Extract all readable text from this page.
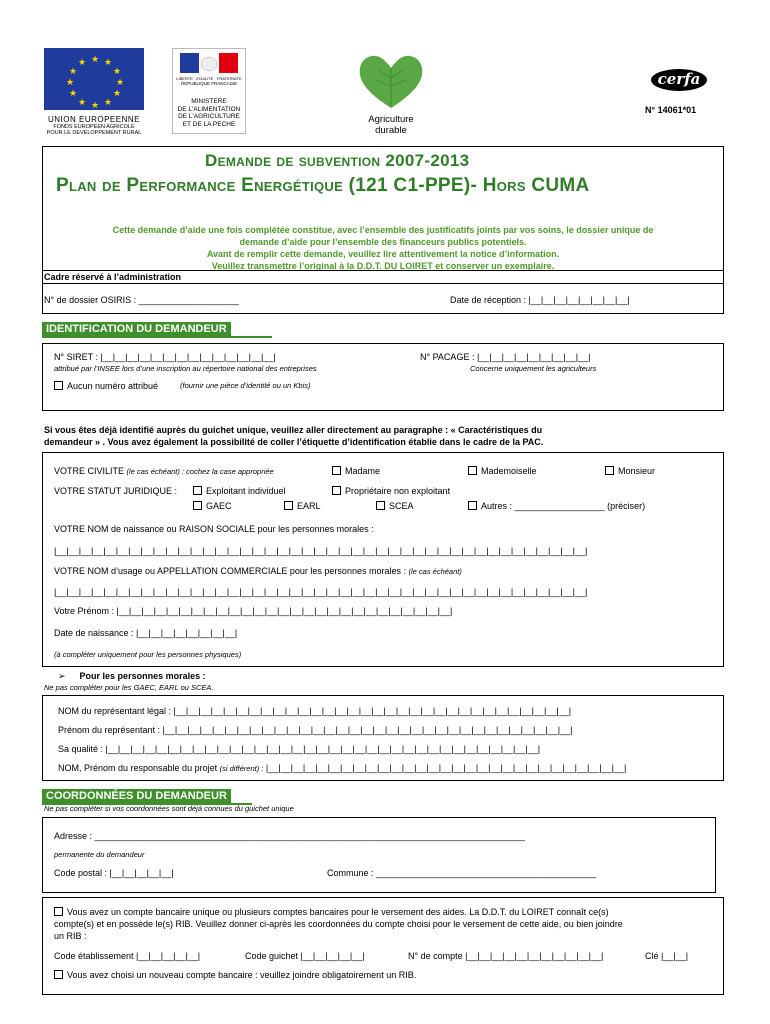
★ ★
★
★
★
★
★
★
★
★
★
★
UNION EUROPEENNE
FONDS EUROPEEN AGRICOLE
POUR LE DEVELOPPEMENT RURAL
LIBERTE · EGALITE · FRATERNITE
REPUBLIQUE FRANCAISE
MINISTERE
DE L'ALIMENTATION
DE L'AGRICULTURE
ET DE LA PECHE	Agriculture
durable
cerfa
N° 14061*01
Demande de subvention 2007-2013
Plan de Performance Energétique (121 C1-PPE)- Hors CUMA
Cette demande d’aide une fois complétée constitue, avec l’ensemble des justificatifs joints par vos soins, le dossier unique de
demande d’aide pour l’ensemble des financeurs publics potentiels.
Avant de remplir cette demande, veuillez lire attentivement la notice d’information.
Veuillez transmettre l’original à la D.D.T. DU LOIRET et conserver un exemplaire.
Cadre réservé à l’administration
N° de dossier OSIRIS : ____________________	Date de réception : |__|__|__|__|__|__|__|__|
IDENTIFICATION DU DEMANDEUR
N° SIRET : |__|__|__|__|__|__|__|__|__|__|__|__|__|__|
attribué par l’INSEE lors d’une inscription au répertoire national des entreprises
N° PACAGE : |__|__|__|__|__|__|__|__|__|
Concerne uniquement les agriculteurs
Aucun numéro attribué	(fournir une pièce d’identité ou un Kbis)
Si vous êtes déjà identifié auprès du guichet unique, veuillez aller directement au paragraphe : « Caractéristiques du
demandeur » . Vous avez également la possibilité de coller l’étiquette d’identification établie dans le cadre de la PAC.
VOTRE CIVILITE (le cas échéant) : cochez la case appropriée	Madame	Mademoiselle	Monsieur
VOTRE STATUT JURIDIQUE :	Exploitant individuel	Propriétaire non exploitant
GAEC	EARL	SCEA	Autres : __________________ (préciser)
VOTRE NOM de naissance ou RAISON SOCIALE pour les personnes morales :
|__|__|__|__|__|__|__|__|__|__|__|__|__|__|__|__|__|__|__|__|__|__|__|__|__|__|__|__|__|__|__|__|__|__|__|__|__|__|__|__|__|__|__|
VOTRE NOM d’usage ou APPELLATION COMMERCIALE pour les personnes morales : (le cas échéant)
|__|__|__|__|__|__|__|__|__|__|__|__|__|__|__|__|__|__|__|__|__|__|__|__|__|__|__|__|__|__|__|__|__|__|__|__|__|__|__|__|__|__|__|
Votre Prénom : |__|__|__|__|__|__|__|__|__|__|__|__|__|__|__|__|__|__|__|__|__|__|__|__|__|__|__|
Date de naissance : |__|__|__|__|__|__|__|__|
(à compléter uniquement pour les personnes physiques)
➢ Pour les personnes morales :
Ne pas compléter pour les GAEC, EARL ou SCEA.
NOM du représentant légal : |__|__|__|__|__|__|__|__|__|__|__|__|__|__|__|__|__|__|__|__|__|__|__|__|__|__|__|__|__|__|__|__|
Prénom du représentant : |__|__|__|__|__|__|__|__|__|__|__|__|__|__|__|__|__|__|__|__|__|__|__|__|__|__|__|__|__|__|__|__|__|
Sa qualité : |__|__|__|__|__|__|__|__|__|__|__|__|__|__|__|__|__|__|__|__|__|__|__|__|__|__|__|__|__|__|__|__|__|__|__|
NOM, Prénom du responsable du projet (si différent) : |__|__|__|__|__|__|__|__|__|__|__|__|__|__|__|__|__|__|__|__|__|__|__|__|__|__|__|__|__|
COORDONNÉES DU DEMANDEUR
Ne pas compléter si vos coordonnées sont déjà connues du guichet unique
Adresse : ______________________________________________________________________________________
permanente du demandeur
Code postal : |__|__|__|__|__|	Commune : ____________________________________________
Vous avez un compte bancaire unique ou plusieurs comptes bancaires pour le versement des aides. La D.D.T. du LOIRET connaît ce(s)
compte(s) et en possède le(s) RIB. Veuillez donner ci-après les coordonnées du compte choisi pour le versement de cette aide, ou bien joindre
un RIB :
Code établissement |__|__|__|__|__|	Code guichet |__|__|__|__|__|	N° de compte |__|__|__|__|__|__|__|__|__|__|__|	Clé |__|__|
Vous avez choisi un nouveau compte bancaire : veuillez joindre obligatoirement un RIB.
